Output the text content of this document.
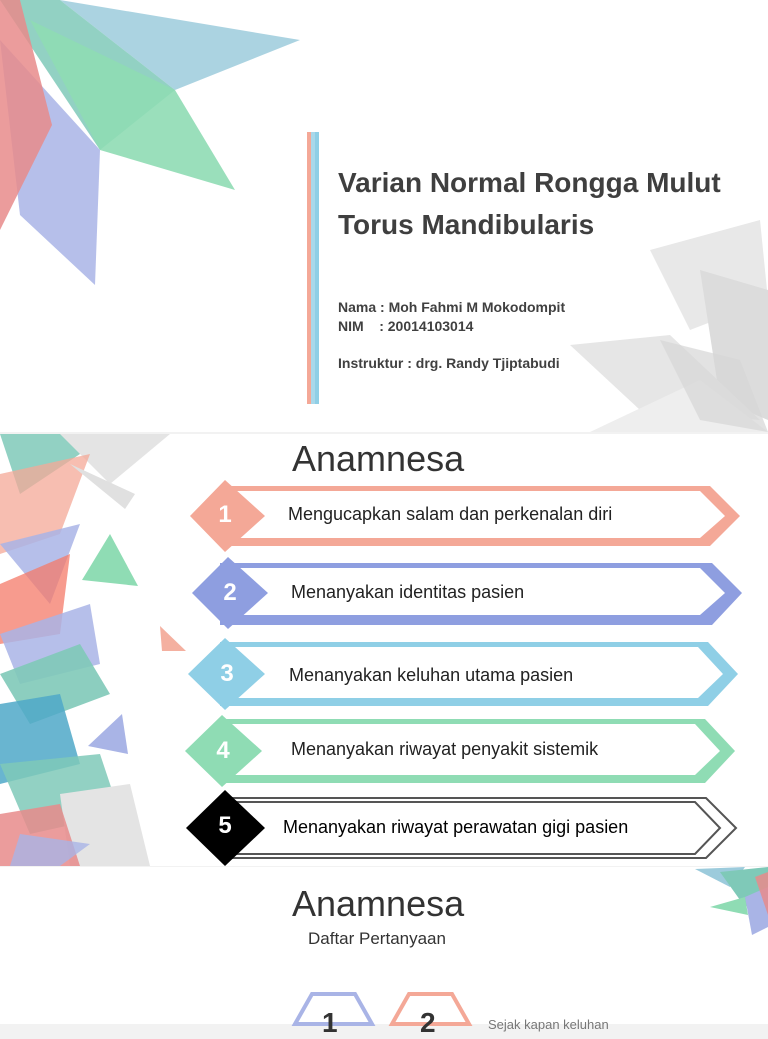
Varian Normal Rongga Mulut
Torus Mandibularis
Nama : Moh Fahmi M Mokodompit
NIM    : 20014103014
Instruktur : drg. Randy Tjiptabudi
Anamnesa
1	Mengucapkan salam dan perkenalan diri
2	Menanyakan identitas pasien
3	Menanyakan keluhan utama pasien
4	Menanyakan riwayat penyakit sistemik
5	Menanyakan riwayat perawatan gigi pasien
Anamnesa
Daftar Pertanyaan
1	2	Sejak kapan keluhan
